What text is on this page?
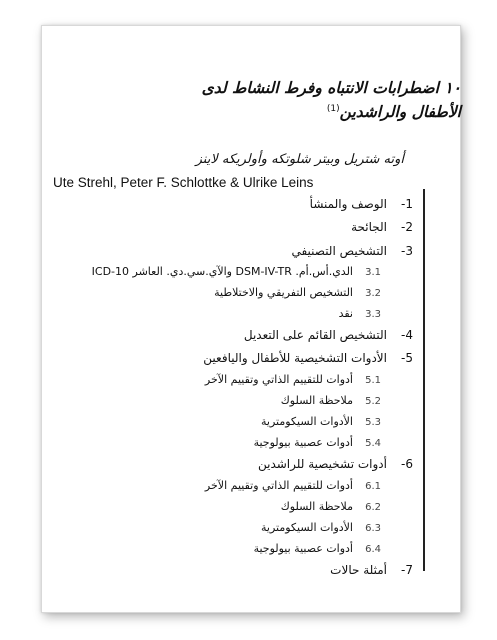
١٠ اضطرابات الانتباه وفرط النشاط لدى
الأطفال والراشدين$^{(1)}$
أوته شتريل وبيتر شلوتكه وأولريكه لاينز
Ute Strehl, Peter F. Schlottke & Ulrike Leins
1-الوصف والمنشأ
2-الجائحة
3-التشخيص التصنيفي
3.1الدي.أس.أم. DSM-IV-TR والآي.سي.دي. العاشر ICD-10
3.2التشخيص التفريقي والاختلاطية
3.3نقد
4-التشخيص القائم على التعديل
5-الأدوات التشخيصية للأطفال واليافعين
5.1أدوات للتقييم الذاتي وتقييم الآخر
5.2ملاحظة السلوك
5.3الأدوات السيكومترية
5.4أدوات عصبية بيولوجية
6-أدوات تشخيصية للراشدين
6.1أدوات للتقييم الذاتي وتقييم الآخر
6.2ملاحظة السلوك
6.3الأدوات السيكومترية
6.4أدوات عصبية بيولوجية
7-أمثلة حالات
